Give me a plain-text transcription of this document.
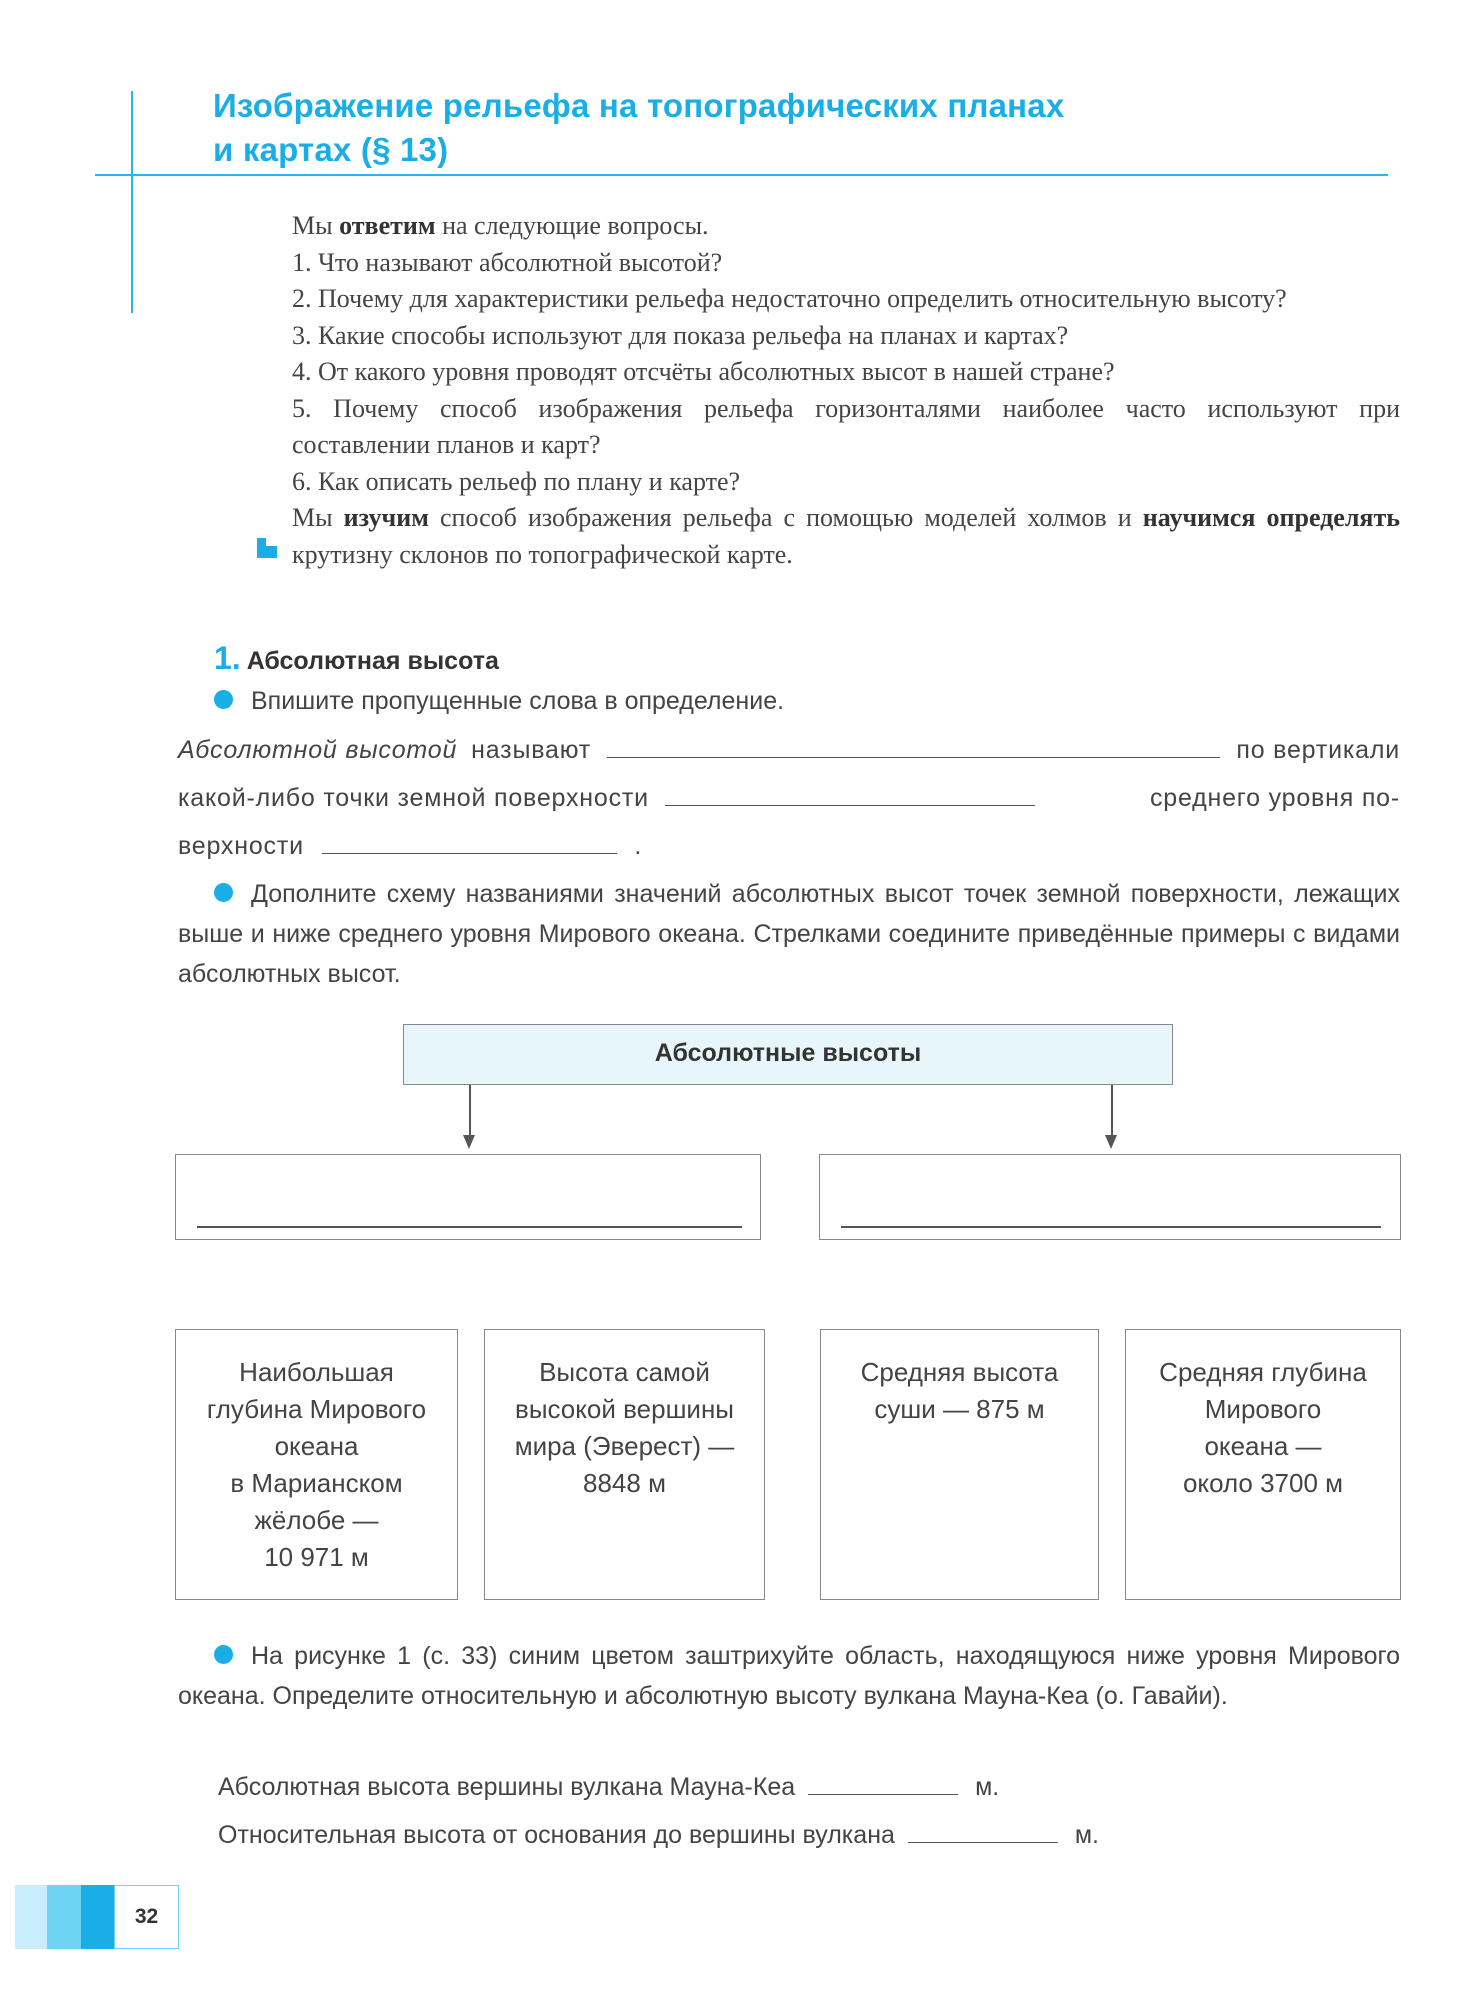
Изображение рельефа на топографических планах
и картах (§ 13)
Мы ответим на следующие вопросы.
1. Что называют абсолютной высотой?
2. Почему для характеристики рельефа недостаточно определить относительную высоту?
3. Какие способы используют для показа рельефа на планах и картах?
4. От какого уровня проводят отсчёты абсолютных высот в нашей стране?
5. Почему способ изображения рельефа горизонталями наиболее часто используют при составлении планов и карт?
6. Как описать рельеф по плану и карте?
Мы изучим способ изображения рельефа с помощью моделей холмов и научимся определять крутизну склонов по топографической карте.
1. Абсолютная высота
Впишите пропущенные слова в определение.
Абсолютной высотой называют	по вертикали
какой-либо точки земной поверхности	среднего уровня по-
верхности	.
Дополните схему названиями значений абсолютных высот точек земной поверхности, лежащих выше и ниже среднего уровня Мирового океана. Стрелками соедините приведённые примеры с видами абсолютных высот.
Абсолютные высоты
Наибольшая
глубина Мирового
океана
в Марианском
жёлобе —
10 971 м
Высота самой
высокой вершины
мира (Эверест) —
8848 м
Средняя высота
суши — 875 м
Средняя глубина
Мирового
океана —
около 3700 м
На рисунке 1 (с. 33) синим цветом заштрихуйте область, находящуюся ниже уровня Мирового океана. Определите относительную и абсолютную высоту вулкана Мауна-Кеа (о. Гавайи).
Абсолютная высота вершины вулкана Мауна-Кеа	м.
Относительная высота от основания до вершины вулкана	м.
32
